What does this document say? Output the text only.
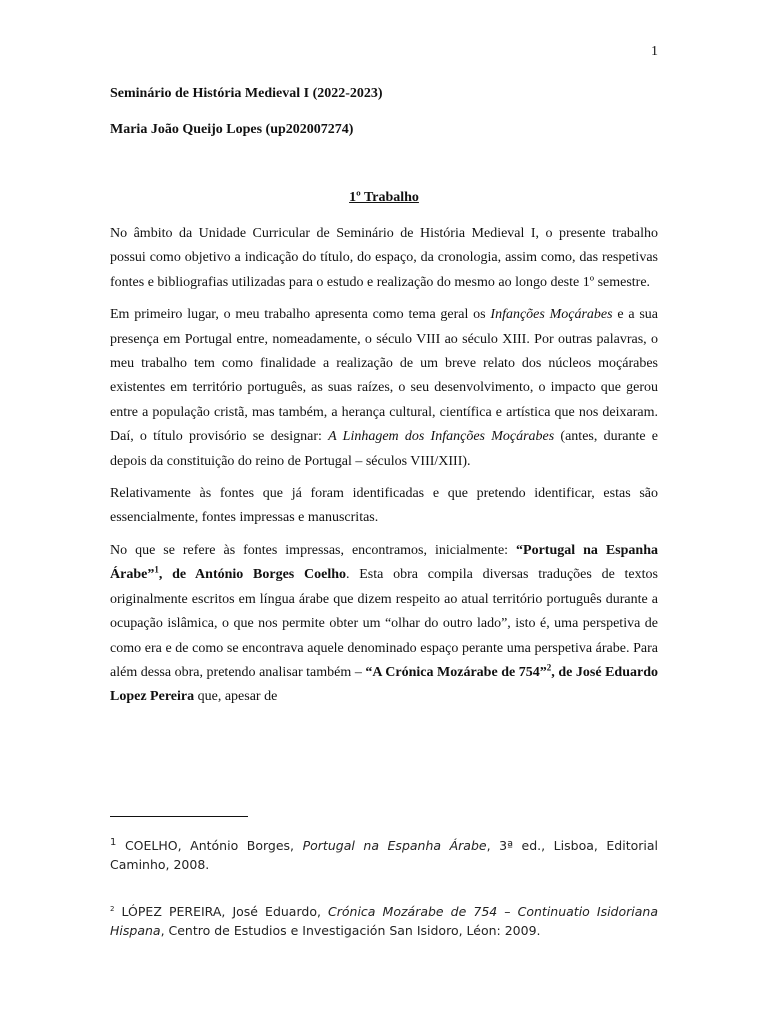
1
Seminário de História Medieval I (2022-2023)
Maria João Queijo Lopes (up202007274)
1º Trabalho

No âmbito da Unidade Curricular de Seminário de História Medieval I, o presente trabalho possui como objetivo a indicação do título, do espaço, da cronologia, assim como, das respetivas fontes e bibliografias utilizadas para o estudo e realização do mesmo ao longo deste 1º semestre.

Em primeiro lugar, o meu trabalho apresenta como tema geral os Infanções Moçárabes e a sua presença em Portugal entre, nomeadamente, o século VIII ao século XIII. Por outras palavras, o meu trabalho tem como finalidade a realização de um breve relato dos núcleos moçárabes existentes em território português, as suas raízes, o seu desenvolvimento, o impacto que gerou entre a população cristã, mas também, a herança cultural, científica e artística que nos deixaram. Daí, o título provisório se designar: A Linhagem dos Infanções Moçárabes (antes, durante e depois da constituição do reino de Portugal – séculos VIII/XIII).

Relativamente às fontes que já foram identificadas e que pretendo identificar, estas são essencialmente, fontes impressas e manuscritas.

No que se refere às fontes impressas, encontramos, inicialmente: “Portugal na Espanha Árabe”$^1$, de António Borges Coelho. Esta obra compila diversas traduções de textos originalmente escritos em língua árabe que dizem respeito ao atual território português durante a ocupação islâmica, o que nos permite obter um “olhar do outro lado”, isto é, uma perspetiva de como era e de como se encontrava aquele denominado espaço perante uma perspetiva árabe. Para além dessa obra, pretendo analisar também – “A Crónica Mozárabe de 754”$^2$, de José Eduardo Lopez Pereira que, apesar de

$^1$ COELHO, António Borges, Portugal na Espanha Árabe, 3ª ed., Lisboa, Editorial Caminho, 2008.
$^2$ LÓPEZ PEREIRA, José Eduardo, Crónica Mozárabe de 754 – Continuatio Isidoriana Hispana, Centro de Estudios e Investigación San Isidoro, Léon: 2009.
